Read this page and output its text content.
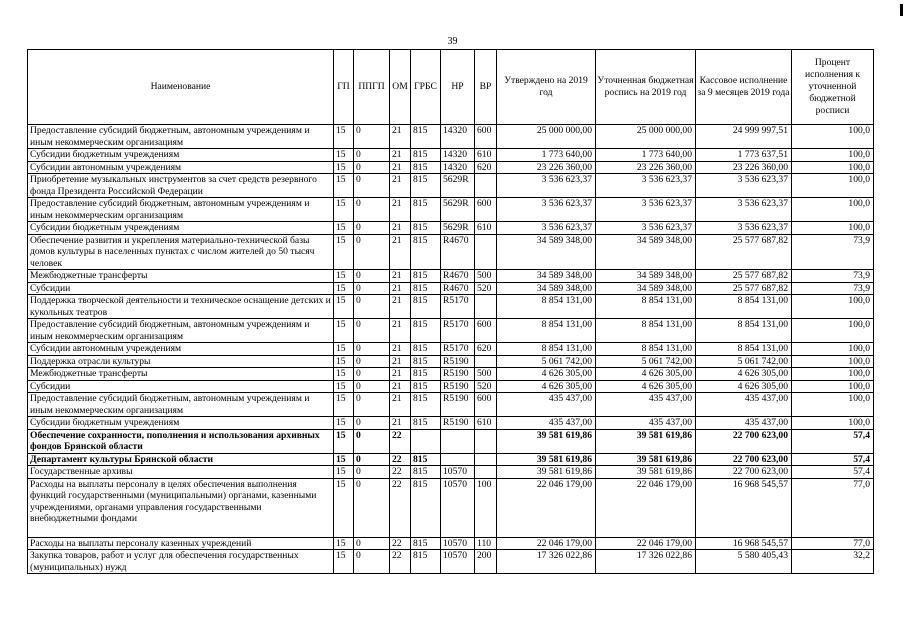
39
Наименование	ГП	ППГП	ОМ	ГРБС	НР	ВР	Утверждено на 2019 год	Уточненная бюджетная роспись на 2019 год	Кассовое исполнение за 9 месяцев 2019 года	Процент исполнения к уточненной бюджетной росписи
Предоставление субсидий бюджетным, автономным учреждениям и иным некоммерческим организациям	15	0	21	815	14320	600	25 000 000,00	25 000 000,00	24 999 997,51	100,0
Субсидии бюджетным учреждениям	15	0	21	815	14320	610	1 773 640,00	1 773 640,00	1 773 637,51	100,0
Субсидии автономным учреждениям	15	0	21	815	14320	620	23 226 360,00	23 226 360,00	23 226 360,00	100,0
Приобретение музыкальных инструментов за счет средств резервного фонда Президента Российской Федерации	15	0	21	815	5629R		3 536 623,37	3 536 623,37	3 536 623,37	100,0
Предоставление субсидий бюджетным, автономным учреждениям и иным некоммерческим организациям	15	0	21	815	5629R	600	3 536 623,37	3 536 623,37	3 536 623,37	100,0
Субсидии бюджетным учреждениям	15	0	21	815	5629R	610	3 536 623,37	3 536 623,37	3 536 623,37	100,0
Обеспечение развития и укрепления материально-технической базы домов культуры в населенных пунктах с числом жителей до 50 тысяч человек	15	0	21	815	R4670		34 589 348,00	34 589 348,00	25 577 687,82	73,9
Межбюджетные трансферты	15	0	21	815	R4670	500	34 589 348,00	34 589 348,00	25 577 687,82	73,9
Субсидии	15	0	21	815	R4670	520	34 589 348,00	34 589 348,00	25 577 687,82	73,9
Поддержка творческой деятельности и техническое оснащение детских и кукольных театров	15	0	21	815	R5170		8 854 131,00	8 854 131,00	8 854 131,00	100,0
Предоставление субсидий бюджетным, автономным учреждениям и иным некоммерческим организациям	15	0	21	815	R5170	600	8 854 131,00	8 854 131,00	8 854 131,00	100,0
Субсидии автономным учреждениям	15	0	21	815	R5170	620	8 854 131,00	8 854 131,00	8 854 131,00	100,0
Поддержка отрасли культуры	15	0	21	815	R5190		5 061 742,00	5 061 742,00	5 061 742,00	100,0
Межбюджетные трансферты	15	0	21	815	R5190	500	4 626 305,00	4 626 305,00	4 626 305,00	100,0
Субсидии	15	0	21	815	R5190	520	4 626 305,00	4 626 305,00	4 626 305,00	100,0
Предоставление субсидий бюджетным, автономным учреждениям и иным некоммерческим организациям	15	0	21	815	R5190	600	435 437,00	435 437,00	435 437,00	100,0
Субсидии бюджетным учреждениям	15	0	21	815	R5190	610	435 437,00	435 437,00	435 437,00	100,0
Обеспечение сохранности, пополнения и использования архивных фондов Брянской области	15	0	22				39 581 619,86	39 581 619,86	22 700 623,00	57,4
Департамент культуры Брянской области	15	0	22	815			39 581 619,86	39 581 619,86	22 700 623,00	57,4
Государственные архивы	15	0	22	815	10570		39 581 619,86	39 581 619,86	22 700 623,00	57,4
Расходы на выплаты персоналу в целях обеспечения выполнения функций государственными (муниципальными) органами, казенными учреждениями, органами управления государственными внебюджетными фондами	15	0	22	815	10570	100	22 046 179,00	22 046 179,00	16 968 545,57	77,0
Расходы на выплаты персоналу казенных учреждений	15	0	22	815	10570	110	22 046 179,00	22 046 179,00	16 968 545,57	77,0
Закупка товаров, работ и услуг для обеспечения государственных (муниципальных) нужд	15	0	22	815	10570	200	17 326 022,86	17 326 022,86	5 580 405,43	32,2
